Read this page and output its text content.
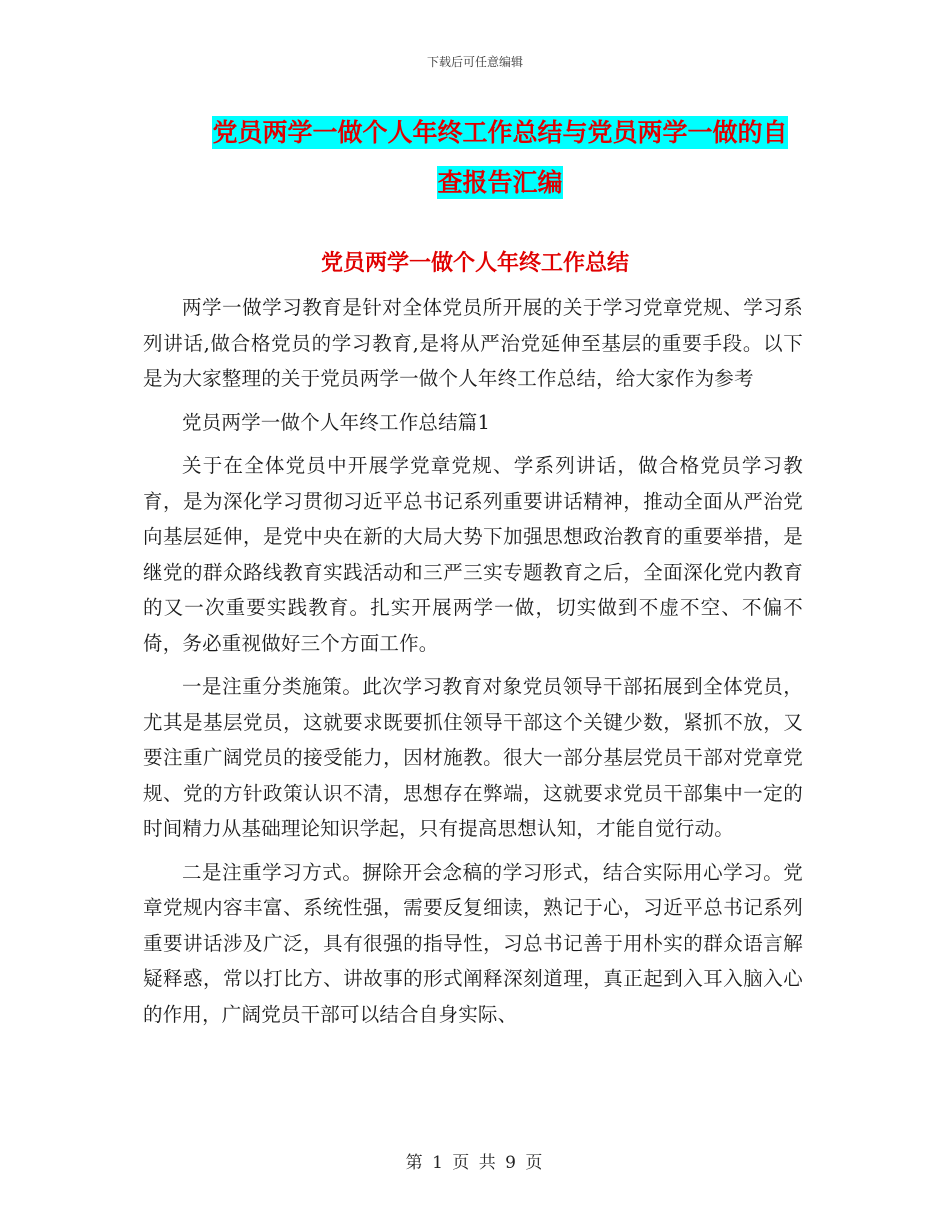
下载后可任意编辑
党员两学一做个人年终工作总结与党员两学一做的自
查报告汇编
党员两学一做个人年终工作总结

两学一做学习教育是针对全体党员所开展的关于学习党章党规、学习系列讲话,做合格党员的学习教育,是将从严治党延伸至基层的重要手段。以下是为大家整理的关于党员两学一做个人年终工作总结，给大家作为参考

党员两学一做个人年终工作总结篇1

关于在全体党员中开展学党章党规、学系列讲话，做合格党员学习教育，是为深化学习贯彻习近平总书记系列重要讲话精神，推动全面从严治党向基层延伸，是党中央在新的大局大势下加强思想政治教育的重要举措，是继党的群众路线教育实践活动和三严三实专题教育之后，全面深化党内教育的又一次重要实践教育。扎实开展两学一做，切实做到不虚不空、不偏不倚，务必重视做好三个方面工作。

一是注重分类施策。此次学习教育对象党员领导干部拓展到全体党员，尤其是基层党员，这就要求既要抓住领导干部这个关键少数，紧抓不放，又要注重广阔党员的接受能力，因材施教。很大一部分基层党员干部对党章党规、党的方针政策认识不清，思想存在弊端，这就要求党员干部集中一定的时间精力从基础理论知识学起，只有提高思想认知，才能自觉行动。

二是注重学习方式。摒除开会念稿的学习形式，结合实际用心学习。党章党规内容丰富、系统性强，需要反复细读，熟记于心，习近平总书记系列重要讲话涉及广泛，具有很强的指导性，习总书记善于用朴实的群众语言解疑释惑，常以打比方、讲故事的形式阐释深刻道理，真正起到入耳入脑入心的作用，广阔党员干部可以结合自身实际、

第 1 页 共 9 页
